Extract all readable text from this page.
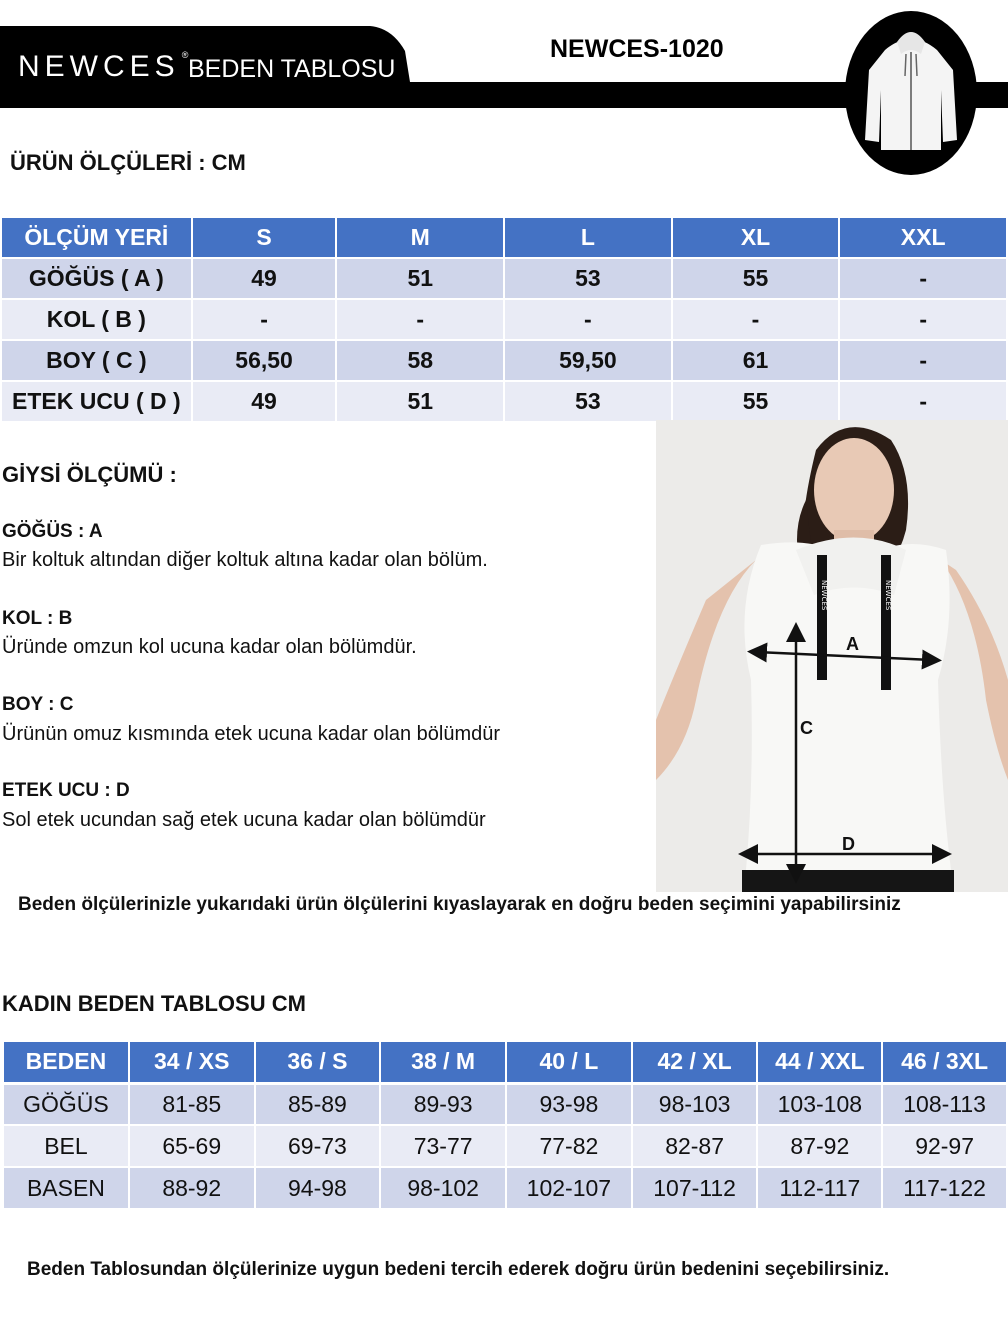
NEWCES ® BEDEN TABLOSU
NEWCES-1020
ÜRÜN ÖLÇÜLERİ : CM
ÖLÇÜM YERİ	S	M	L	XL	XXL
GÖĞÜS ( A )	49	51	53	55	-
KOL ( B )	-	-	-	-	-
BOY ( C )	56,50	58	59,50	61	-
ETEK UCU ( D )	49	51	53	55	-
GİYSİ ÖLÇÜMÜ :
GÖĞÜS : A
Bir koltuk altından diğer koltuk altına kadar olan bölüm.
KOL : B
Üründe omzun kol ucuna kadar olan bölümdür.
BOY : C
Ürünün omuz kısmında etek ucuna kadar olan bölümdür
ETEK UCU : D
Sol etek ucundan sağ etek ucuna kadar olan bölümdür
NEWCES	NEWCES
A
C
D
Beden ölçülerinizle yukarıdaki ürün ölçülerini kıyaslayarak en doğru beden seçimini yapabilirsiniz
KADIN BEDEN TABLOSU CM
BEDEN	34 / XS	36 / S	38 / M	40 / L	42 / XL	44 / XXL	46 / 3XL
GÖĞÜS	81-85	85-89	89-93	93-98	98-103	103-108	108-113
BEL	65-69	69-73	73-77	77-82	82-87	87-92	92-97
BASEN	88-92	94-98	98-102	102-107	107-112	112-117	117-122
Beden Tablosundan ölçülerinize uygun bedeni tercih ederek doğru ürün bedenini seçebilirsiniz.
